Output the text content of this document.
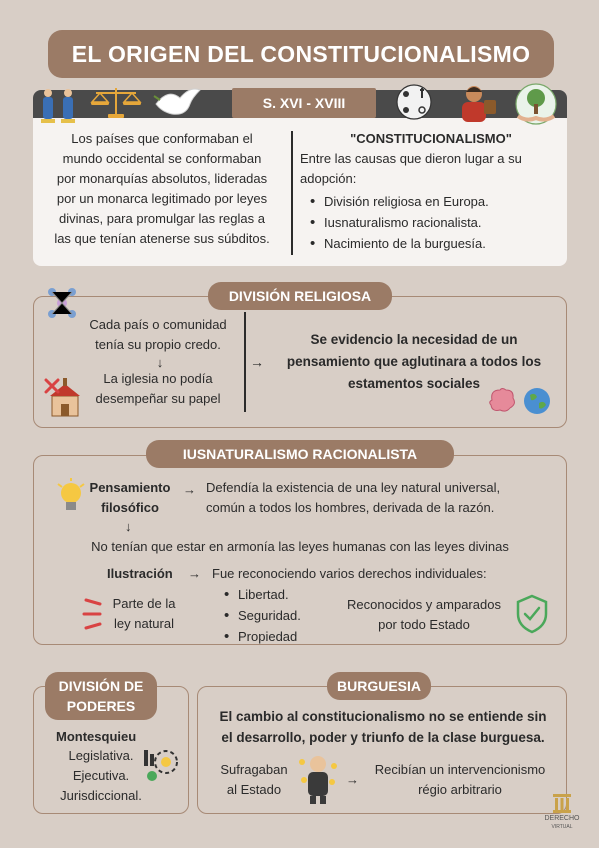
EL ORIGEN DEL CONSTITUCIONALISMO
S. XVI - XVIII
Los países que conformaban el
mundo occidental se conformaban
por monarquías absolutos, lideradas
por un monarca legitimado por leyes
divinas, para promulgar las reglas a
las que tenían atenerse sus súbditos.
"CONSTITUCIONALISMO"
Entre las causas que dieron lugar a su
adopción:
• División religiosa en Europa.
• Iusnaturalismo racionalista.
• Nacimiento de la burguesía.
DIVISIÓN RELIGIOSA
Cada país o comunidad
tenía su propio credo.
↓
La iglesia no podía
desempeñar su papel
→
Se evidencio la necesidad de un
pensamiento que aglutinara a todos los
estamentos sociales
IUSNATURALISMO RACIONALISTA
Pensamiento
filosófico
→ Defendía la existencia de una ley natural universal,
común a todos los hombres, derivada de la razón.
↓
No tenían que estar en armonía las leyes humanas con las leyes divinas
Ilustración → Fue reconociendo varios derechos individuales:
Parte de la
ley natural
• Libertad.
• Seguridad.
• Propiedad
Reconocidos y amparados
por todo Estado
DIVISIÓN DE
PODERES
Montesquieu
Legislativa.
Ejecutiva.
Jurisdiccional.
BURGUESIA
El cambio al constitucionalismo no se entiende sin
el desarrollo, poder y triunfo de la clase burguesa.
Sufragaban
al Estado
→
Recibían un intervencionismo
régio arbitrario
DERECHO
VIRTUAL
